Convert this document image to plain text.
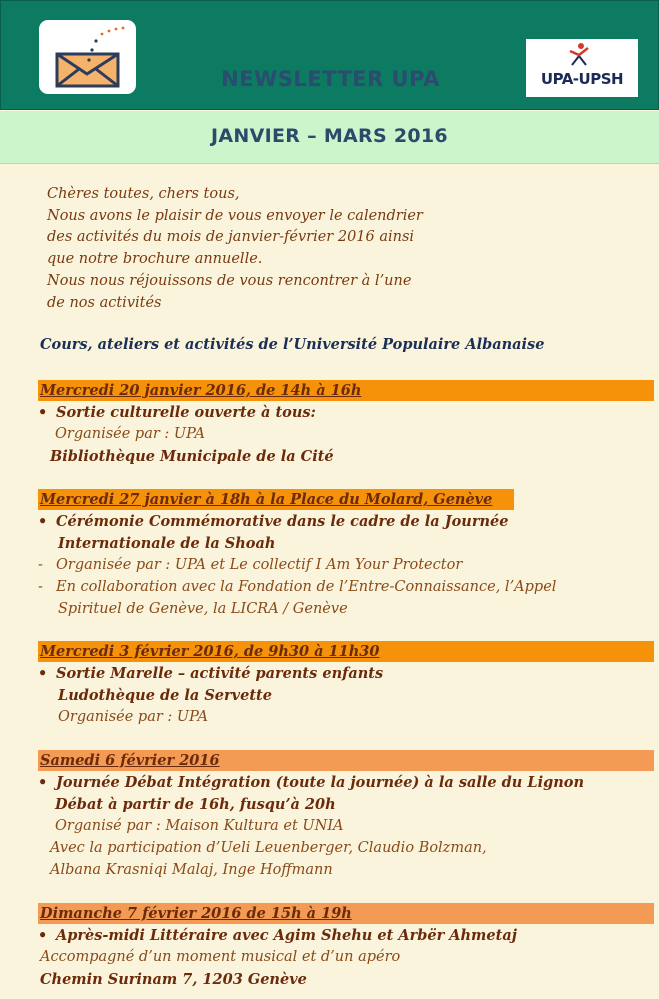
NEWSLETTER UPA	UPA-UPSH
JANVIER – MARS 2016
Chères toutes, chers tous,
Nous avons le plaisir de vous envoyer le calendrier
des activités du mois de janvier-février 2016 ainsi
que notre brochure annuelle.
Nous nous réjouissons de vous rencontrer à l’une
de nos activités
Cours, ateliers et activités de l’Université Populaire Albanaise
Mercredi 20 janvier 2016, de 14h à 16h
• Sortie culturelle ouverte à tous:
Organisée par : UPA
Bibliothèque Municipale de la Cité
Mercredi 27 janvier à 18h à la Place du Molard, Genève
• Cérémonie Commémorative dans le cadre de la Journée
Internationale de la Shoah
- Organisée par : UPA et Le collectif I Am Your Protector
- En collaboration avec la Fondation de l’Entre-Connaissance, l’Appel
Spirituel de Genève, la LICRA / Genève
Mercredi 3 février 2016, de 9h30 à 11h30
• Sortie Marelle – activité parents enfants
Ludothèque de la Servette
Organisée par : UPA
Samedi 6 février 2016
• Journée Débat Intégration (toute la journée) à la salle du Lignon
Débat à partir de 16h, fusqu’à 20h
Organisé par : Maison Kultura et UNIA
Avec la participation d’Ueli Leuenberger, Claudio Bolzman,
Albana Krasniqi Malaj, Inge Hoffmann
Dimanche 7 février 2016 de 15h à 19h
• Après-midi Littéraire avec Agim Shehu et Arbër Ahmetaj
Accompagné d’un moment musical et d’un apéro
Chemin Surinam 7, 1203 Genève
